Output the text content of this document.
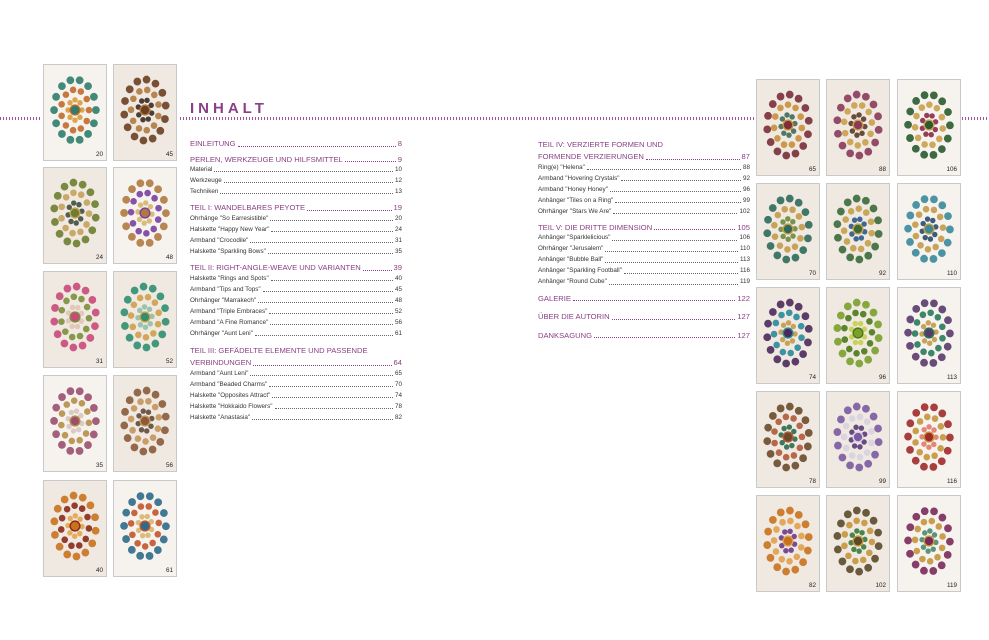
INHALT
EINLEITUNG	8
PERLEN, WERKZEUGE UND HILFSMITTEL	9
Material	10
Werkzeuge	12
Techniken	13
TEIL I: WANDELBARES PEYOTE	19
Ohrhänge "So Earresistible"	20
Halskette "Happy New Year"	24
Armband "Crocodile"	31
Halskette "Sparkling Bows"	35
TEIL II: RIGHT-ANGLE-WEAVE UND VARIANTEN	39
Halskette "Rings and Spots"	40
Armband "Tips and Tops"	45
Ohrhänger "Marrakech"	48
Armband "Triple Embraces"	52
Armband "A Fine Romance"	56
Ohrhänger "Aunt Leni"	61
TEIL III: GEFÄDELTE ELEMENTE UND PASSENDE
VERBINDUNGEN	64
Armband "Aunt Leni"	65
Armband "Beaded Charms"	70
Halskette "Opposites Attract"	74
Halskette "Hokkaido Flowers"	78
Halskette "Anastasia"	82
TEIL IV: VERZIERTE FORMEN UND
FORMENDE VERZIERUNGEN	87
Ring(e) "Helena"	88
Armband "Hovering Crystals"	92
Armband "Honey Honey"	96
Anhänger "Tiles on a Ring"	99
Ohrhänger "Stars We Are"	102
TEIL V: DIE DRITTE DIMENSION	105
Anhänger "Sparklelicious"	106
Ohrhänger "Jerusalem"	110
Anhänger "Bubble Ball"	113
Anhänger "Sparkling Football"	116
Anhänger "Round Cube"	119
GALERIE	122
ÜBER DIE AUTORIN	127
DANKSAGUNG	127
20	45
24	48
31	52
35	56
40	61
65	88	106
70	92	110
74	96	113
78	99	116
82	102	119
